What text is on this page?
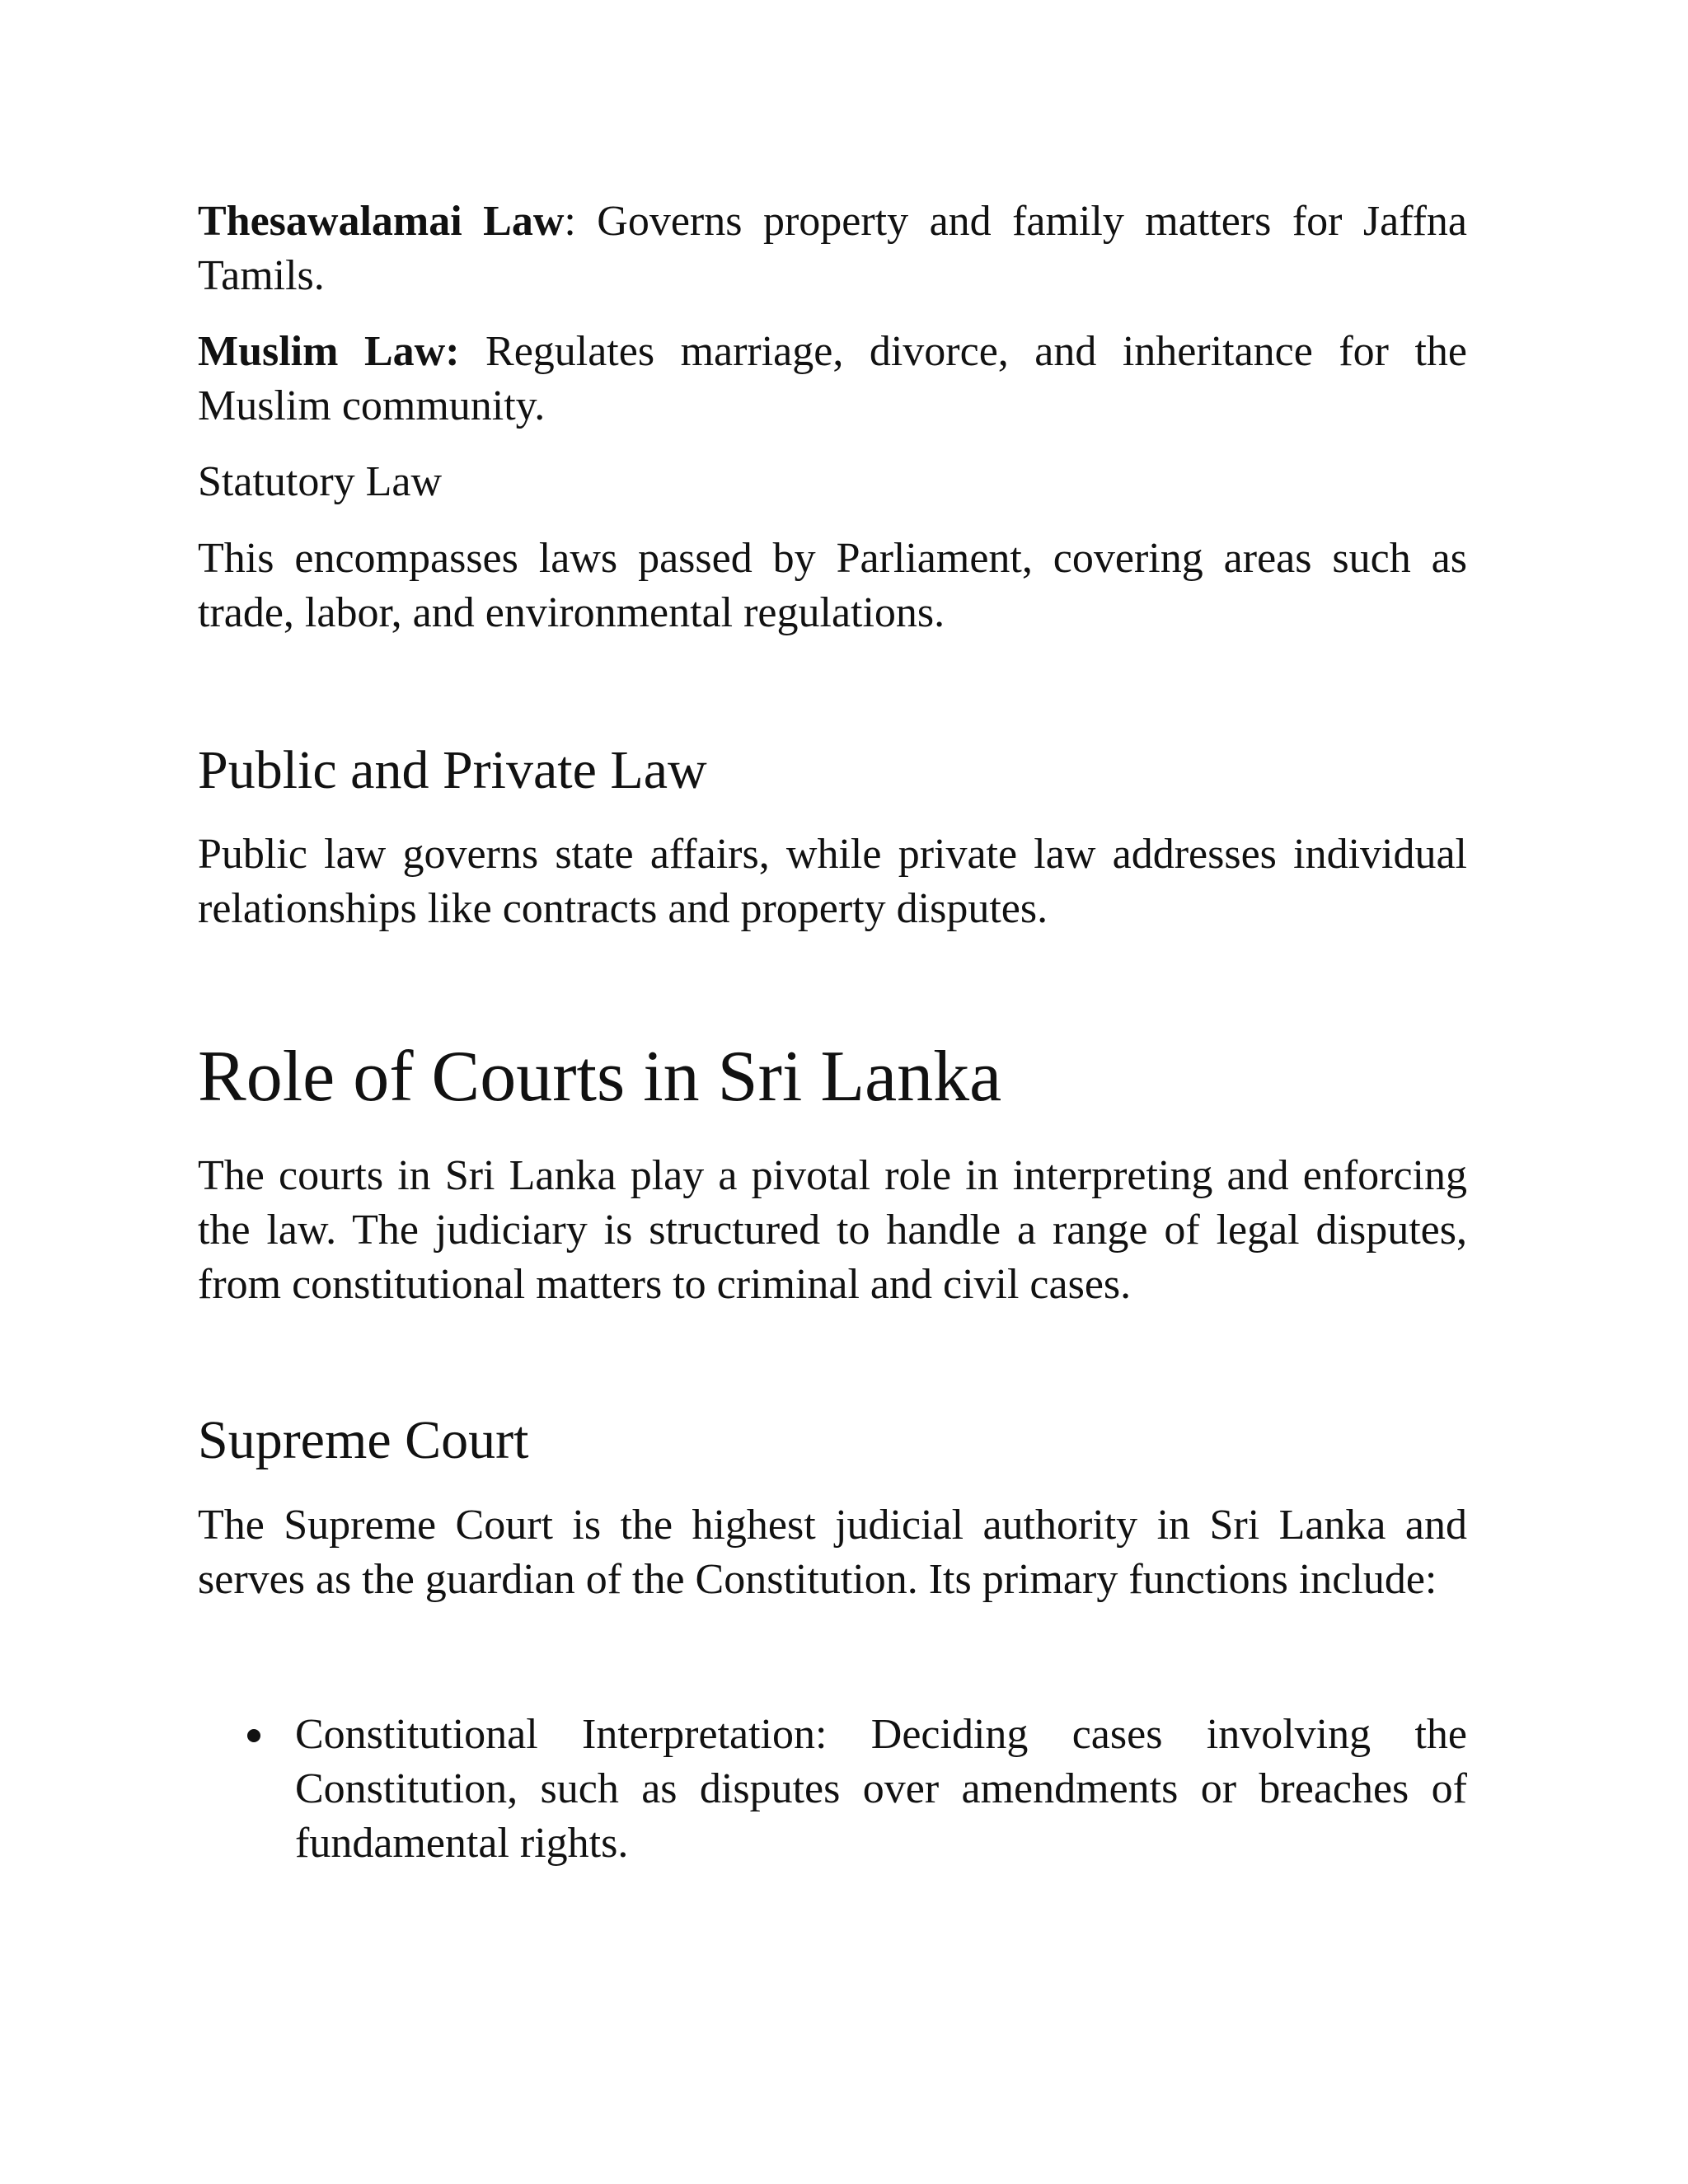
Thesawalamai Law: Governs property and family matters for Jaffna Tamils.

Muslim Law: Regulates marriage, divorce, and inheritance for the Muslim community.

Statutory Law

This encompasses laws passed by Parliament, covering areas such as trade, labor, and environmental regulations.

Public and Private Law

Public law governs state affairs, while private law addresses individual relationships like contracts and property disputes.

Role of Courts in Sri Lanka

The courts in Sri Lanka play a pivotal role in interpreting and enforcing the law. The judiciary is structured to handle a range of legal disputes, from constitutional matters to criminal and civil cases.

Supreme Court

The Supreme Court is the highest judicial authority in Sri Lanka and serves as the guardian of the Constitution. Its primary functions include:

Constitutional Interpretation: Deciding cases involving the Constitution, such as disputes over amendments or breaches of fundamental rights.
